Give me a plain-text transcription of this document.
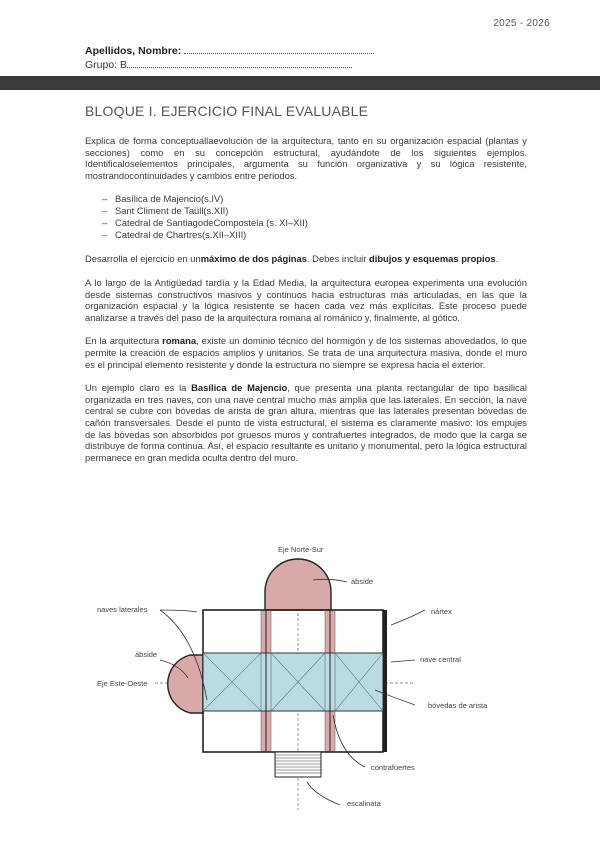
2025 - 2026
Apellidos, Nombre:
Grupo: B
BLOQUE I. EJERCICIO FINAL EVALUABLE

Explica de forma conceptuallaevolución de la arquitectura, tanto en su organización espacial (plantas y secciones) como en su concepción estructural, ayudándote de los siguientes ejemplos. Identificaloselementos principales, argumenta su función organizativa y su lógica resistente, mostrandocontinuidades y cambios entre periodos.

– Basílica de Majencio(s.IV)
– Sant Climent de Taüll(s.XII)
– Catedral de SantiagodeCompostela (s. XI–XII)
– Catedral de Chartres(s.XII–XIII)

Desarrolla el ejercicio en unmáximo de dos páginas. Debes incluir dibujos y esquemas propios.

A lo largo de la Antigüedad tardía y la Edad Media, la arquitectura europea experimenta una evolución desde sistemas constructivos masivos y continuos hacia estructuras más articuladas, en las que la organización espacial y la lógica resistente se hacen cada vez más explícitas. Este proceso puede analizarse a través del paso de la arquitectura romana al románico y, finalmente, al gótico.

En la arquitectura romana, existe un dominio técnico del hormigón y de los sistemas abovedados, lo que permite la creación de espacios amplios y unitarios. Se trata de una arquitectura masiva, donde el muro es el principal elemento resistente y donde la estructura no siempre se expresa hacia el exterior.

Un ejemplo claro es la Basílica de Majencio, que presenta una planta rectangular de tipo basilical organizada en tres naves, con una nave central mucho más amplia que las laterales. En sección, la nave central se cubre con bóvedas de arista de gran altura, mientras que las laterales presentan bóvedas de cañón transversales. Desde el punto de vista estructural, el sistema es claramente masivo: los empujes de las bóvedas son absorbidos por gruesos muros y contrafuertes integrados, de modo que la carga se distribuye de forma continua. Así, el espacio resultante es unitario y monumental, pero la lógica estructural permanece en gran medida oculta dentro del muro.

Eje Norte-Sur
Eje Este-Oeste
ábside
naves laterales	nártex
ábside
nave central
bóvedas de arista
contrafuertes
escalinata
